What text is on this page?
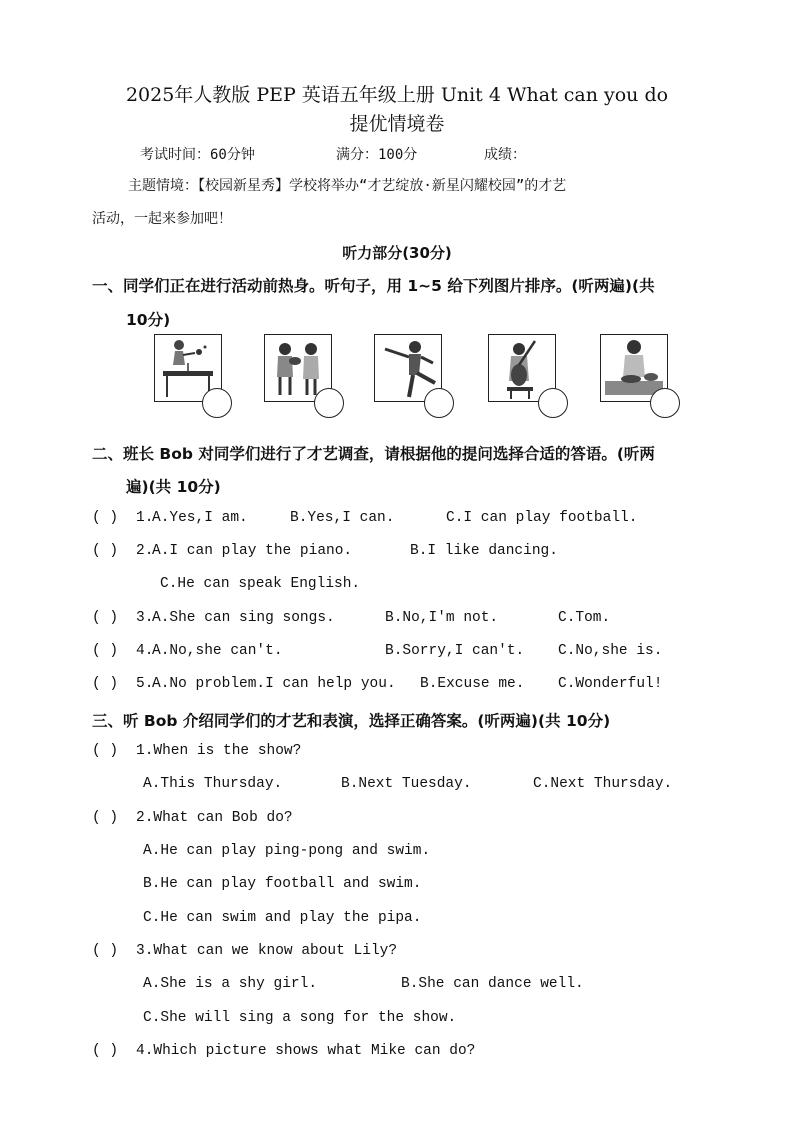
2025年人教版 PEP 英语五年级上册 Unit 4 What can you do
提优情境卷
考试时间：60分钟	满分：100分	成绩：
主题情境：【校园新星秀】学校将举办“才艺绽放·新星闪耀校园”的才艺
活动，一起来参加吧！
听力部分(30分)
一、同学们正在进行活动前热身。听句子，用 1~5 给下列图片排序。(听两遍)(共
10分)
二、班长 Bob 对同学们进行了才艺调查，请根据他的提问选择合适的答语。(听两
遍)(共 10分)
( ) 1.
A.Yes,I am.	B.Yes,I can.	C.I can play football.
( ) 2.
A.I can play the piano.	B.I like dancing.
C.He can speak English.
( ) 3.
A.She can sing songs.	B.No,I'm not.	C.Tom.
( ) 4.
A.No,she can't.	B.Sorry,I can't. C.No,she is.
( ) 5.
A.No problem.I can help you. B.Excuse me. C.Wonderful!
三、听 Bob 介绍同学们的才艺和表演，选择正确答案。(听两遍)(共 10分)
( ) 1.When is the show?
A.This Thursday.	B.Next Tuesday.	C.Next Thursday.
( ) 2.What can Bob do?
A.He can play ping-pong and swim.
B.He can play football and swim.
C.He can swim and play the pipa.
( ) 3.What can we know about Lily?
A.She is a shy girl.	B.She can dance well.
C.She will sing a song for the show.
( ) 4.Which picture shows what Mike can do?
